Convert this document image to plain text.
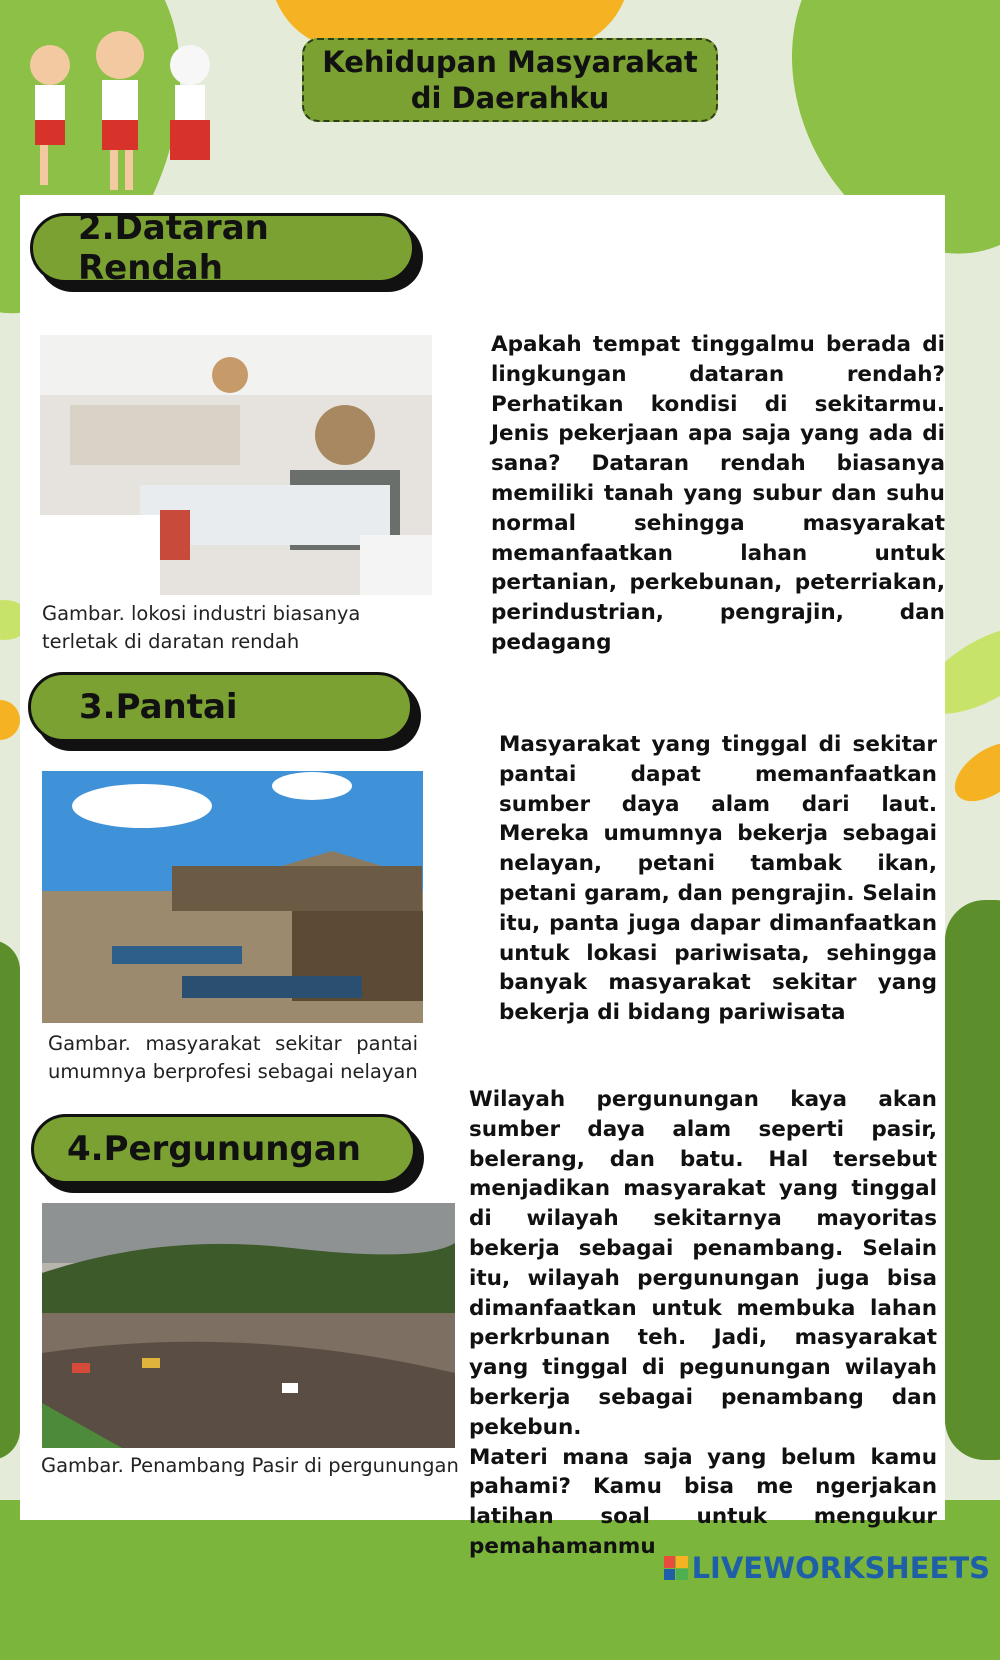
Kehidupan Masyarakat di Daerahku
2.Dataran Rendah
Gambar. lokosi industri biasanya terletak di daratan rendah
Apakah tempat tinggalmu berada di lingkungan dataran rendah? Perhatikan kondisi di sekitarmu. Jenis pekerjaan apa saja yang ada di sana? Dataran rendah biasanya memiliki tanah yang subur dan suhu normal sehingga masyarakat memanfaatkan lahan untuk pertanian, perkebunan, peterriakan, perindustrian, pengrajin, dan pedagang
3.Pantai
Gambar. masyarakat sekitar pantai umumnya berprofesi sebagai nelayan
Masyarakat yang tinggal di sekitar pantai dapat memanfaatkan sumber daya alam dari laut. Mereka umumnya bekerja sebagai nelayan, petani tambak ikan, petani garam, dan pengrajin. Selain itu, panta juga dapar dimanfaatkan untuk lokasi pariwisata, sehingga banyak masyarakat sekitar yang bekerja di bidang pariwisata
4.Pergunungan
Gambar. Penambang Pasir di pergunungan
Wilayah pergunungan kaya akan sumber daya alam seperti pasir, belerang, dan batu. Hal tersebut menjadikan masyarakat yang tinggal di wilayah sekitarnya mayoritas bekerja sebagai penambang. Selain itu, wilayah pergunungan juga bisa dimanfaatkan untuk membuka lahan perkrbunan teh. Jadi, masyarakat yang tinggal di pegunungan wilayah berkerja sebagai penambang dan pekebun.
Materi mana saja yang belum kamu pahami? Kamu bisa me ngerjakan latihan soal untuk mengukur pemahamanmu
LIVEWORKSHEETS
